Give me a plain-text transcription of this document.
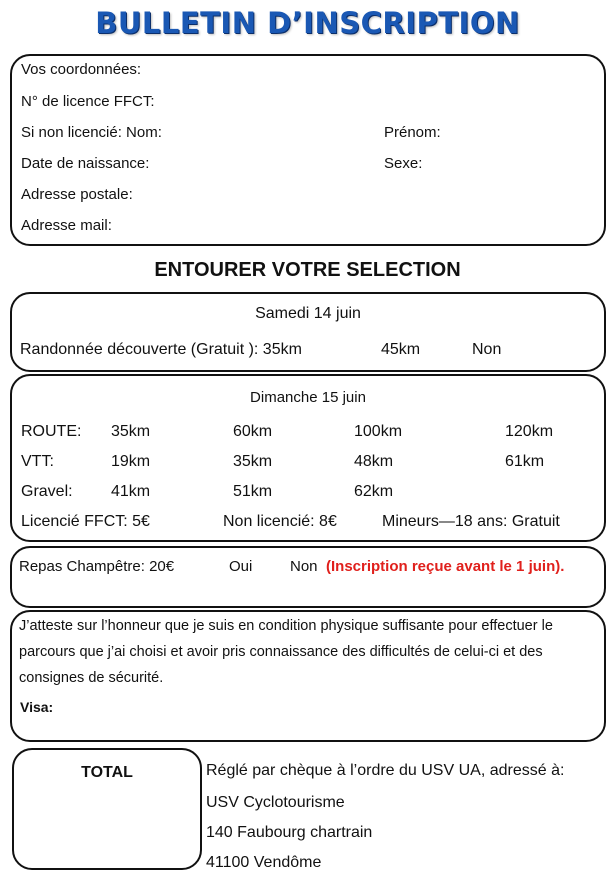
BULLETIN D’INSCRIPTION
Vos coordonnées:
N° de licence FFCT:
Si non licencié: Nom:	Prénom:
Date de naissance:	Sexe:
Adresse postale:
Adresse mail:
ENTOURER VOTRE SELECTION
Samedi 14 juin
Randonnée découverte (Gratuit ): 35km	45km	Non
Dimanche 15 juin
ROUTE: 35km	60km	100km	120km
VTT:	19km	35km	48km	61km
Gravel: 41km	51km	62km
Licencié FFCT: 5€	Non licencié: 8€	Mineurs—18 ans: Gratuit
Repas Champêtre: 20€	Oui	Non (Inscription reçue avant le 1 juin).
J’atteste sur l’honneur que je suis en condition physique suffisante pour effectuer le
parcours que j’ai choisi et avoir pris connaissance des difficultés de celui-ci et des
consignes de sécurité.
Visa:
TOTAL	Réglé par chèque à l’ordre du USV UA, adressé à:
USV Cyclotourisme
140 Faubourg chartrain
41100 Vendôme
